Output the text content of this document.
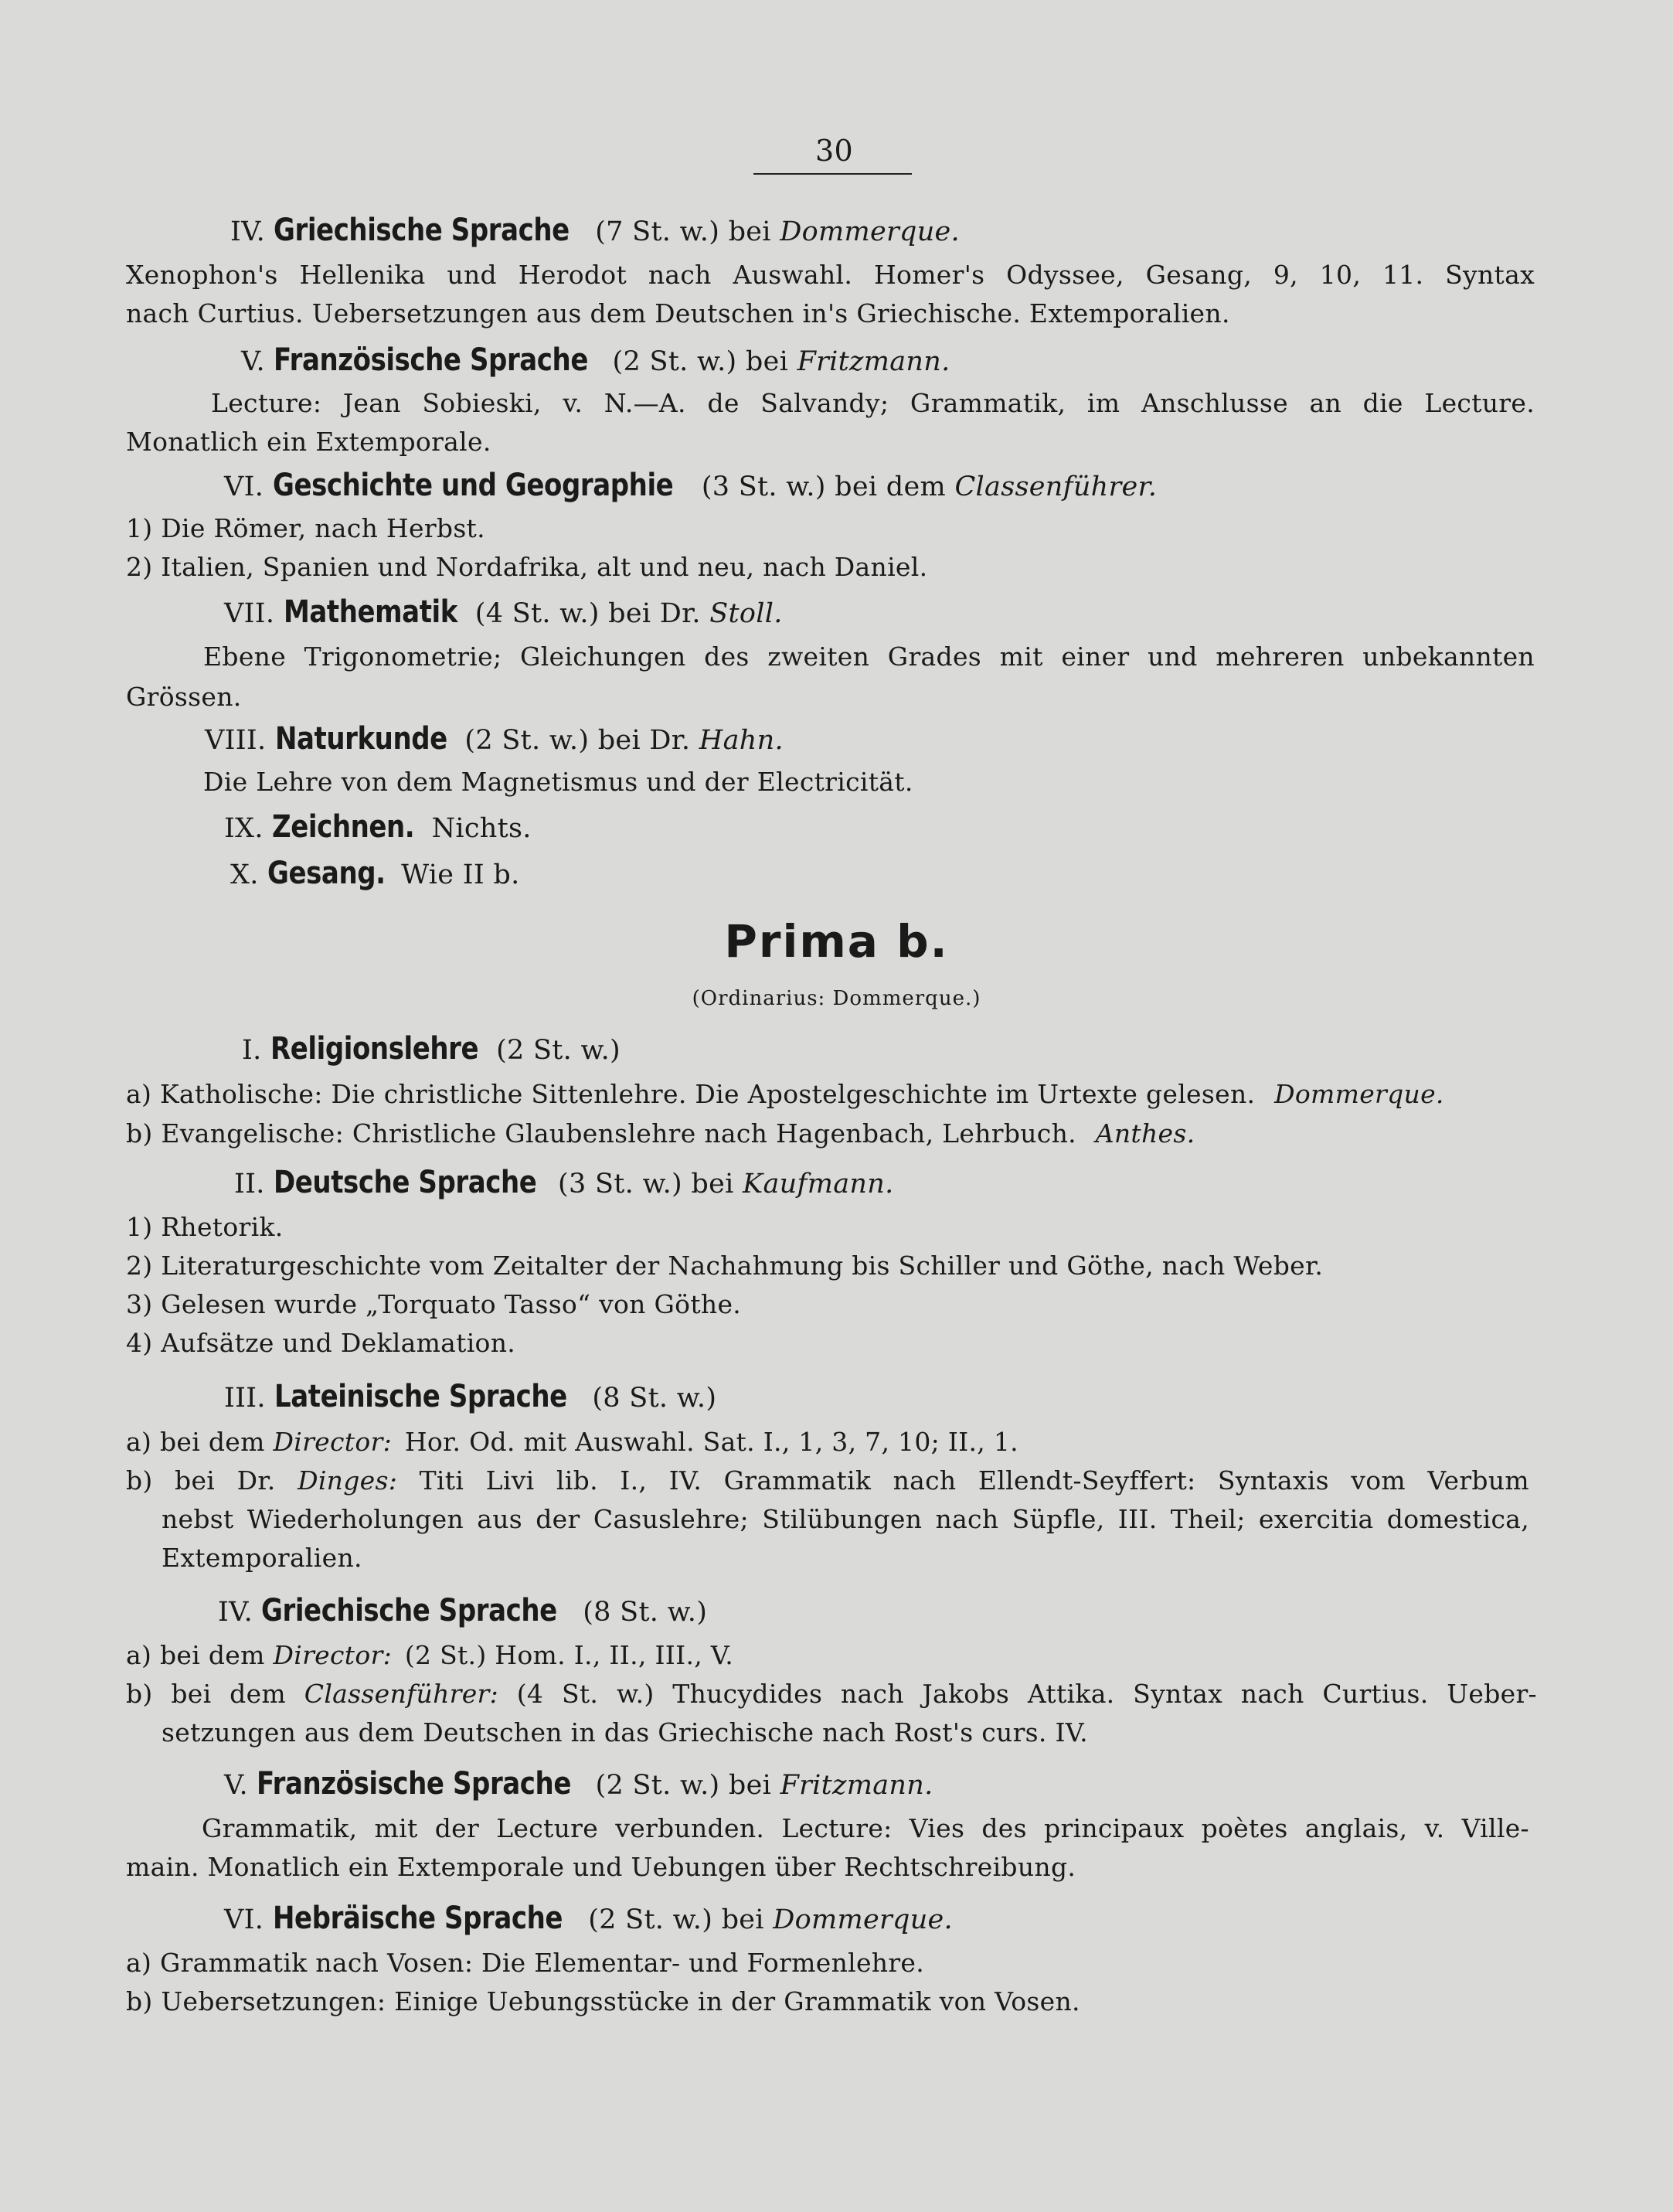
30
IV. Griechische Sprache (7 St. w.) bei Dommerque.
Xenophon's Hellenika und Herodot nach Auswahl. Homer's Odyssee, Gesang, 9, 10, 11. Syntax
nach Curtius. Uebersetzungen aus dem Deutschen in's Griechische. Extemporalien.
V. Französische Sprache (2 St. w.) bei Fritzmann.
Lecture: Jean Sobieski, v. N.—A. de Salvandy; Grammatik, im Anschlusse an die Lecture.
Monatlich ein Extemporale.
VI. Geschichte und Geographie (3 St. w.) bei dem Classenführer.
1) Die Römer, nach Herbst.
2) Italien, Spanien und Nordafrika, alt und neu, nach Daniel.
VII. Mathematik (4 St. w.) bei Dr. Stoll.
Ebene Trigonometrie; Gleichungen des zweiten Grades mit einer und mehreren unbekannten
Grössen.
VIII. Naturkunde (2 St. w.) bei Dr. Hahn.
Die Lehre von dem Magnetismus und der Electricität.
IX. Zeichnen. Nichts.
X. Gesang. Wie II b.
Prima b.
(Ordinarius: Dommerque.)
I. Religionslehre (2 St. w.)
a) Katholische: Die christliche Sittenlehre. Die Apostelgeschichte im Urtexte gelesen. Dommerque.
b) Evangelische: Christliche Glaubenslehre nach Hagenbach, Lehrbuch. Anthes.
II. Deutsche Sprache (3 St. w.) bei Kaufmann.
1) Rhetorik.
2) Literaturgeschichte vom Zeitalter der Nachahmung bis Schiller und Göthe, nach Weber.
3) Gelesen wurde „Torquato Tasso“ von Göthe.
4) Aufsätze und Deklamation.
III. Lateinische Sprache (8 St. w.)
a) bei dem Director: Hor. Od. mit Auswahl. Sat. I., 1, 3, 7, 10; II., 1.
b) bei Dr. Dinges: Titi Livi lib. I., IV. Grammatik nach Ellendt-Seyffert: Syntaxis vom Verbum
nebst Wiederholungen aus der Casuslehre; Stilübungen nach Süpfle, III. Theil; exercitia domestica,
Extemporalien.
IV. Griechische Sprache (8 St. w.)
a) bei dem Director: (2 St.) Hom. I., II., III., V.
b) bei dem Classenführer: (4 St. w.) Thucydides nach Jakobs Attika. Syntax nach Curtius. Ueber-
setzungen aus dem Deutschen in das Griechische nach Rost's curs. IV.
V. Französische Sprache (2 St. w.) bei Fritzmann.
Grammatik, mit der Lecture verbunden. Lecture: Vies des principaux poètes anglais, v. Ville-
main. Monatlich ein Extemporale und Uebungen über Rechtschreibung.
VI. Hebräische Sprache (2 St. w.) bei Dommerque.
a) Grammatik nach Vosen: Die Elementar- und Formenlehre.
b) Uebersetzungen: Einige Uebungsstücke in der Grammatik von Vosen.
